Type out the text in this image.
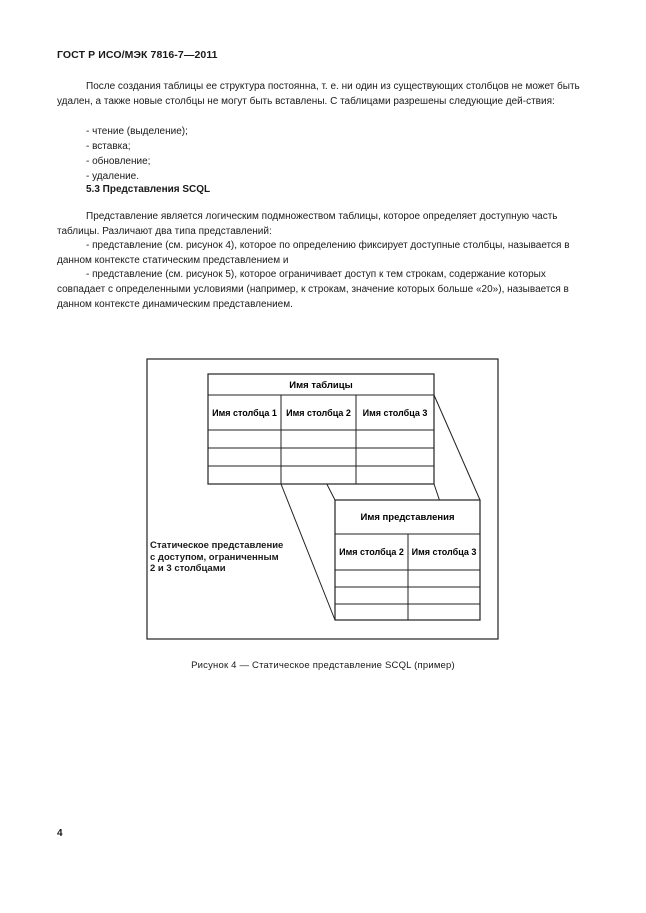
ГОСТ Р ИСО/МЭК 7816-7—2011
После создания таблицы ее структура постоянна, т. е. ни один из существующих столбцов не может быть удален, а также новые столбцы не могут быть вставлены. С таблицами разрешены следующие дей-ствия:
- чтение (выделение);
- вставка;
- обновление;
- удаление.
5.3 Представления SCQL
Представление является логическим подмножеством таблицы, которое определяет доступную часть таблицы. Различают два типа представлений:
- представление (см. рисунок 4), которое по определению фиксирует доступные столбцы, называется в данном контексте статическим представлением и
- представление (см. рисунок 5), которое ограничивает доступ к тем строкам, содержание которых совпадает с определенными условиями (например, к строкам, значение которых больше «20»), называется в данном контексте динамическим представлением.
Имя таблицы
Имя столбца 1 Имя столбца 2 Имя столбца 3
Имя представления
Имя столбца 2 Имя столбца 3
Статическое представление
с доступом, ограниченным
2 и 3 столбцами
Рисунок 4 — Статическое представление SCQL (пример)
4
